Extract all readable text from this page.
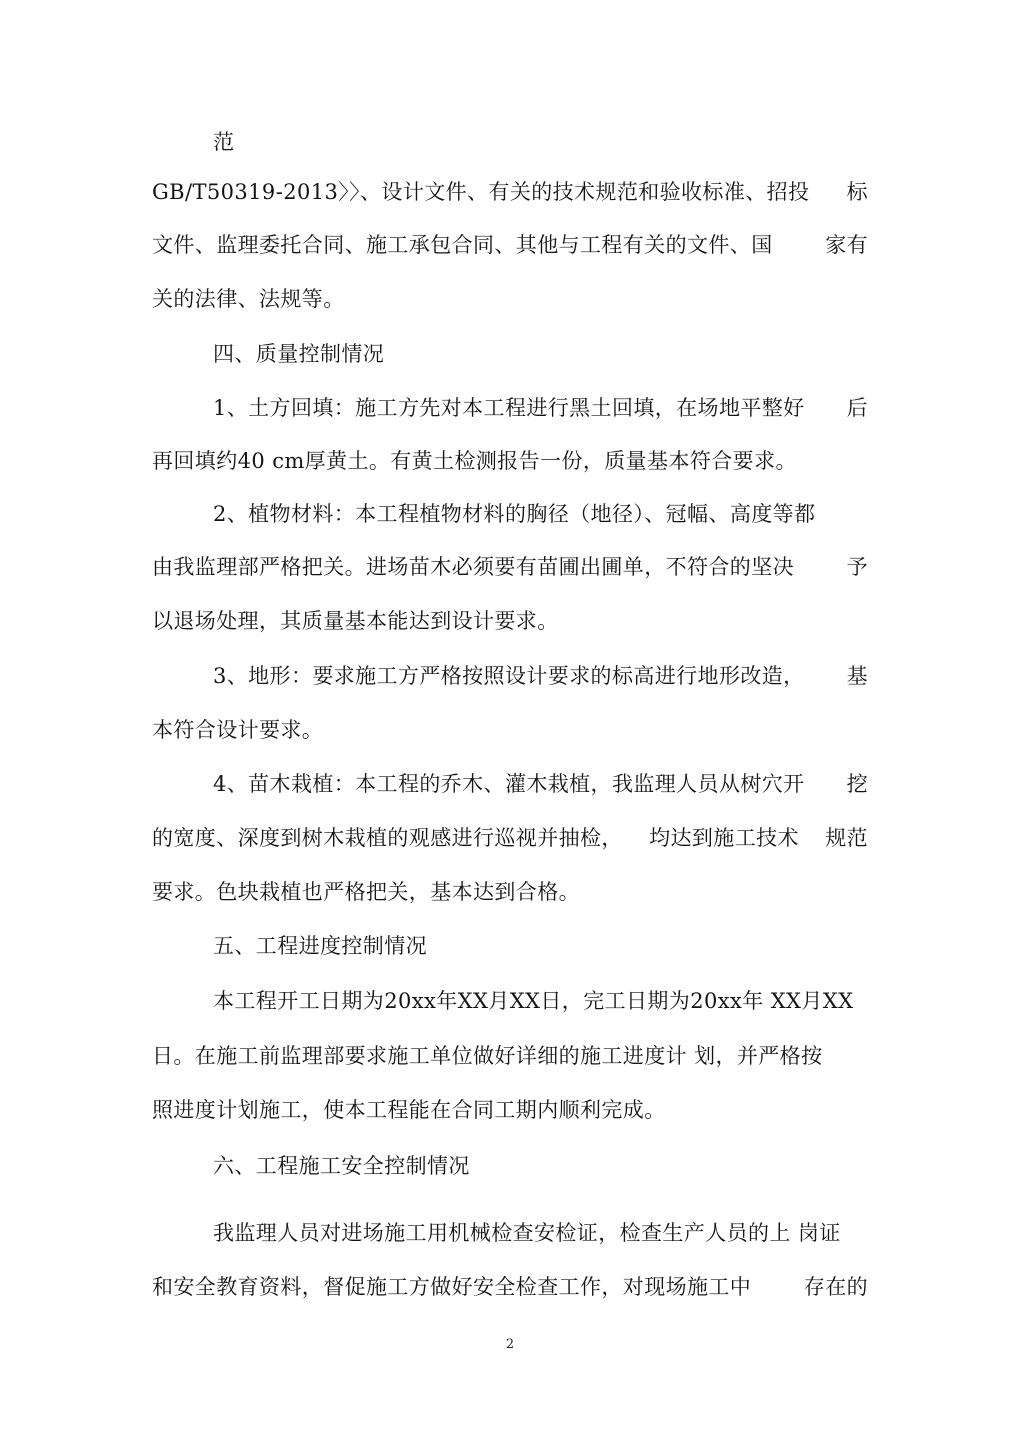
范
GB/T50319-2013〉〉、设计文件、有关的技术规范和验收标准、招投 标
文件、监理委托合同、施工承包合同、其他与工程有关的文件、国	家有
关的法律、法规等。
四、质量控制情况
1、土方回填：施工方先对本工程进行黑土回填，在场地平整好 后
再回填约40 cm厚黄土。有黄土检测报告一份，质量基本符合要求。
2、植物材料：本工程植物材料的胸径（地径）、冠幅、高度等都
由我监理部严格把关。进场苗木必须要有苗圃出圃单，不符合的坚决	予
以退场处理，其质量基本能达到设计要求。
3、地形：要求施工方严格按照设计要求的标高进行地形改造， 基
本符合设计要求。
4、苗木栽植：本工程的乔木、灌木栽植，我监理人员从树穴开 挖
的宽度、深度到树木栽植的观感进行巡视并抽检， 均达到施工技术 规范
要求。色块栽植也严格把关，基本达到合格。
五、工程进度控制情况
本工程开工日期为20xx年XX月XX日，完工日期为20xx年 XX月XX
日。在施工前监理部要求施工单位做好详细的施工进度计 划，并严格按
照进度计划施工，使本工程能在合同工期内顺利完成。
六、工程施工安全控制情况
我监理人员对进场施工用机械检查安检证，检查生产人员的上 岗证
和安全教育资料，督促施工方做好安全检查工作，对现场施工中	存在的
2
